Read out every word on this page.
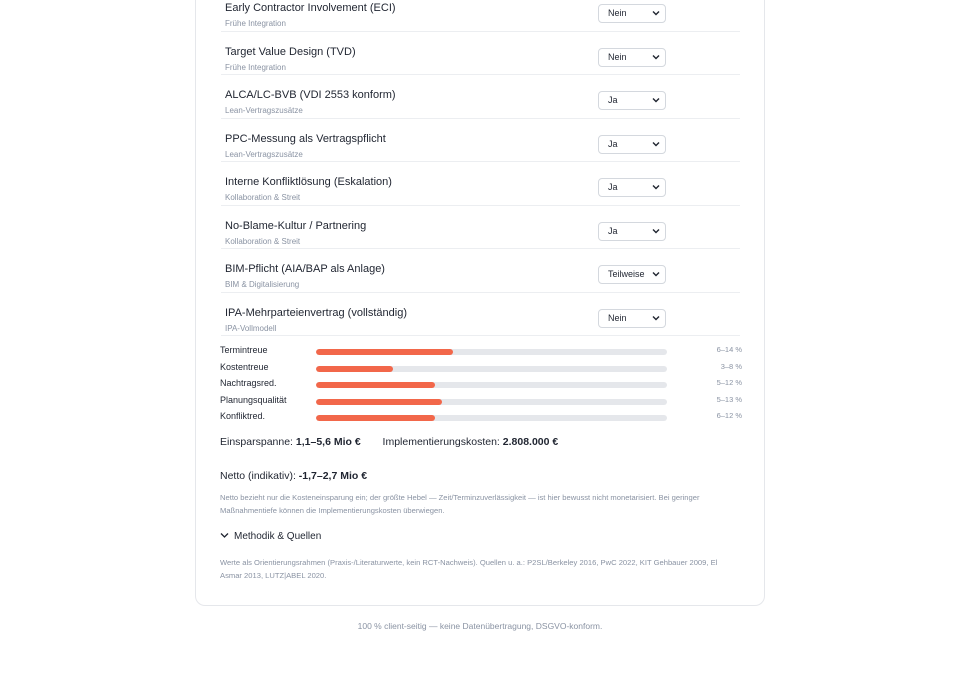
Early Contractor Involvement (ECI)
Frühe Integration
Nein
Target Value Design (TVD)
Frühe Integration
Nein
ALCA/LC-BVB (VDI 2553 konform)
Lean-Vertragszusätze
Ja
PPC-Messung als Vertragspflicht
Lean-Vertragszusätze
Ja
Interne Konfliktlösung (Eskalation)
Kollaboration & Streit
Ja
No-Blame-Kultur / Partnering
Kollaboration & Streit
Ja
BIM-Pflicht (AIA/BAP als Anlage)
BIM & Digitalisierung
Teilweise
IPA-Mehrparteienvertrag (vollständig)
IPA-Vollmodell
Nein
Termintreue	6–14 %
Kostentreue	3–8 %
Nachtragsred.	5–12 %
Planungsqualität	5–13 %
Konfliktred.	6–12 %
Einsparspanne: 1,1–5,6 Mio € Implementierungskosten: 2.808.000 €
Netto (indikativ): -1,7–2,7 Mio €

Netto bezieht nur die Kosteneinsparung ein; der größte Hebel — Zeit/Terminzuverlässigkeit — ist hier bewusst nicht monetarisiert. Bei geringer Maßnahmentiefe können die Implementierungskosten überwiegen.

Methodik & Quellen

Werte als Orientierungsrahmen (Praxis-/Literaturwerte, kein RCT-Nachweis). Quellen u. a.: P2SL/Berkeley 2016, PwC 2022, KIT Gehbauer 2009, El Asmar 2013, LUTZ|ABEL 2020.

100 % client-seitig — keine Datenübertragung, DSGVO-konform.
